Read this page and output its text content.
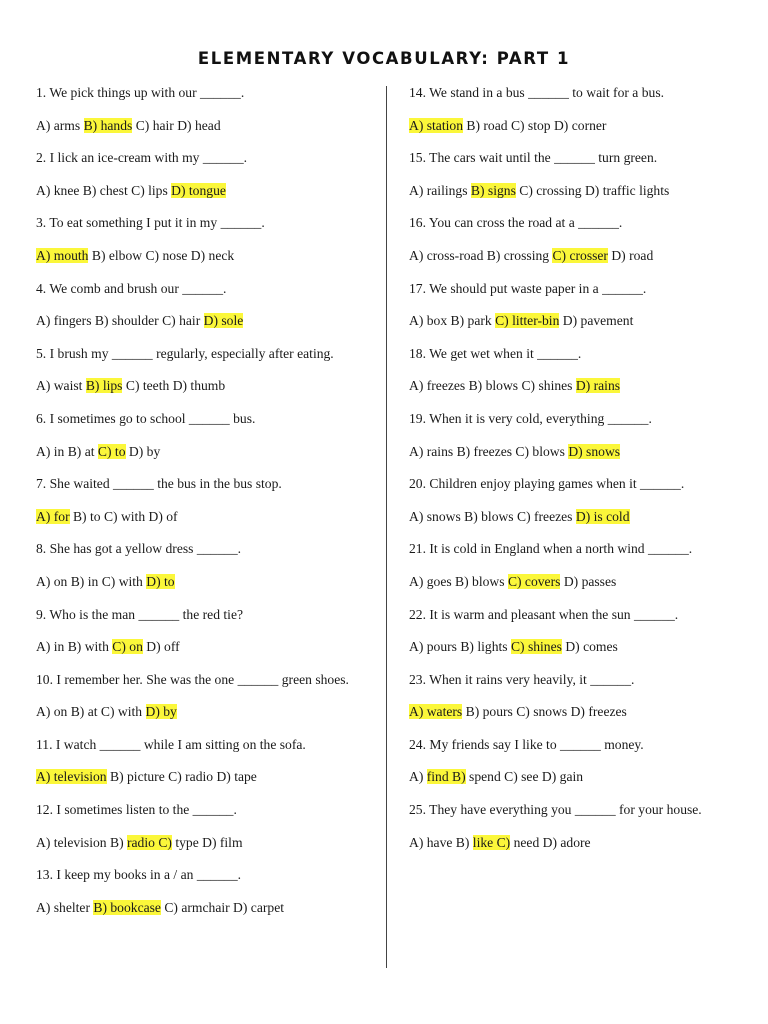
ELEMENTARY VOCABULARY: PART 1
1. We pick things up with our ______.
A) arms B) hands C) hair D) head
2. I lick an ice-cream with my ______.
A) knee B) chest C) lips D) tongue
3. To eat something I put it in my ______.
A) mouth B) elbow C) nose D) neck
4. We comb and brush our ______.
A) fingers B) shoulder C) hair D) sole
5. I brush my ______ regularly, especially after eating.
A) waist B) lips C) teeth D) thumb
6. I sometimes go to school ______ bus.
A) in B) at C) to D) by
7. She waited ______ the bus in the bus stop.
A) for B) to C) with D) of
8. She has got a yellow dress ______.
A) on B) in C) with D) to
9. Who is the man ______ the red tie?
A) in B) with C) on D) off
10. I remember her. She was the one ______ green shoes.
A) on B) at C) with D) by
11. I watch ______ while I am sitting on the sofa.
A) television B) picture C) radio D) tape
12. I sometimes listen to the ______.
A) television B) radio C) type D) film
13. I keep my books in a / an ______.
A) shelter B) bookcase C) armchair D) carpet
14. We stand in a bus ______ to wait for a bus.
A) station B) road C) stop D) corner
15. The cars wait until the ______ turn green.
A) railings B) signs C) crossing D) traffic lights
16. You can cross the road at a ______.
A) cross-road B) crossing C) crosser D) road
17. We should put waste paper in a ______.
A) box B) park C) litter-bin D) pavement
18. We get wet when it ______.
A) freezes B) blows C) shines D) rains
19. When it is very cold, everything ______.
A) rains B) freezes C) blows D) snows
20. Children enjoy playing games when it ______.
A) snows B) blows C) freezes D) is cold
21. It is cold in England when a north wind ______.
A) goes B) blows C) covers D) passes
22. It is warm and pleasant when the sun ______.
A) pours B) lights C) shines D) comes
23. When it rains very heavily, it ______.
A) waters B) pours C) snows D) freezes
24. My friends say I like to ______ money.
A) find B) spend C) see D) gain
25. They have everything you ______ for your house.
A) have B) like C) need D) adore
